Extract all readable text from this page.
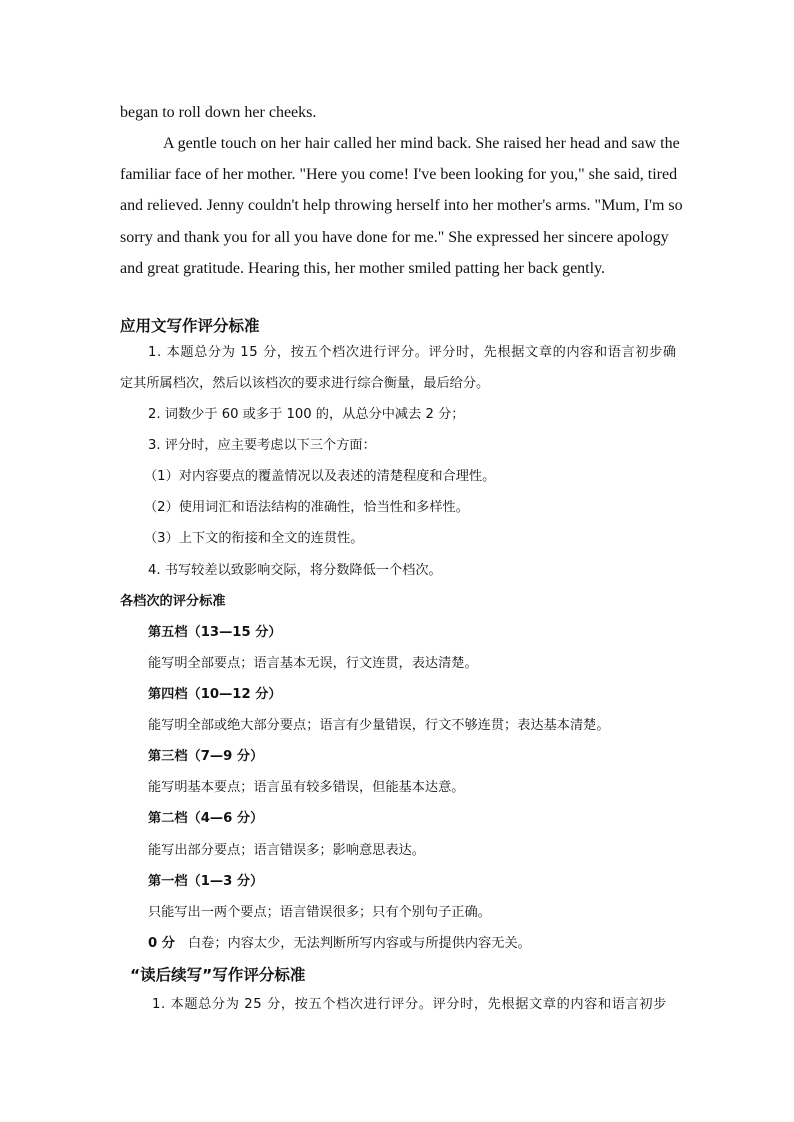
began to roll down her cheeks.
A gentle touch on her hair called her mind back. She raised her head and saw the
familiar face of her mother. "Here you come! I've been looking for you," she said, tired
and relieved. Jenny couldn't help throwing herself into her mother's arms. "Mum, I'm so
sorry and thank you for all you have done for me." She expressed her sincere apology
and great gratitude. Hearing this, her mother smiled patting her back gently.
应用文写作评分标准
1. 本题总分为 15 分，按五个档次进行评分。评分时，先根据文章的内容和语言初步确
定其所属档次，然后以该档次的要求进行综合衡量，最后给分。
2. 词数少于 60 或多于 100 的，从总分中减去 2 分；
3. 评分时，应主要考虑以下三个方面：
（1）对内容要点的覆盖情况以及表述的清楚程度和合理性。
（2）使用词汇和语法结构的准确性，恰当性和多样性。
（3）上下文的衔接和全文的连贯性。
4. 书写较差以致影响交际，将分数降低一个档次。
各档次的评分标准
第五档（13—15 分）
能写明全部要点；语言基本无误，行文连贯，表达清楚。
第四档（10—12 分）
能写明全部或绝大部分要点；语言有少量错误，行文不够连贯；表达基本清楚。
第三档（7—9 分）
能写明基本要点；语言虽有较多错误，但能基本达意。
第二档（4—6 分）
能写出部分要点；语言错误多；影响意思表达。
第一档（1—3 分）
只能写出一两个要点；语言错误很多；只有个别句子正确。
0 分 白卷；内容太少，无法判断所写内容或与所提供内容无关。
“读后续写”写作评分标准
1. 本题总分为 25 分，按五个档次进行评分。评分时，先根据文章的内容和语言初步
